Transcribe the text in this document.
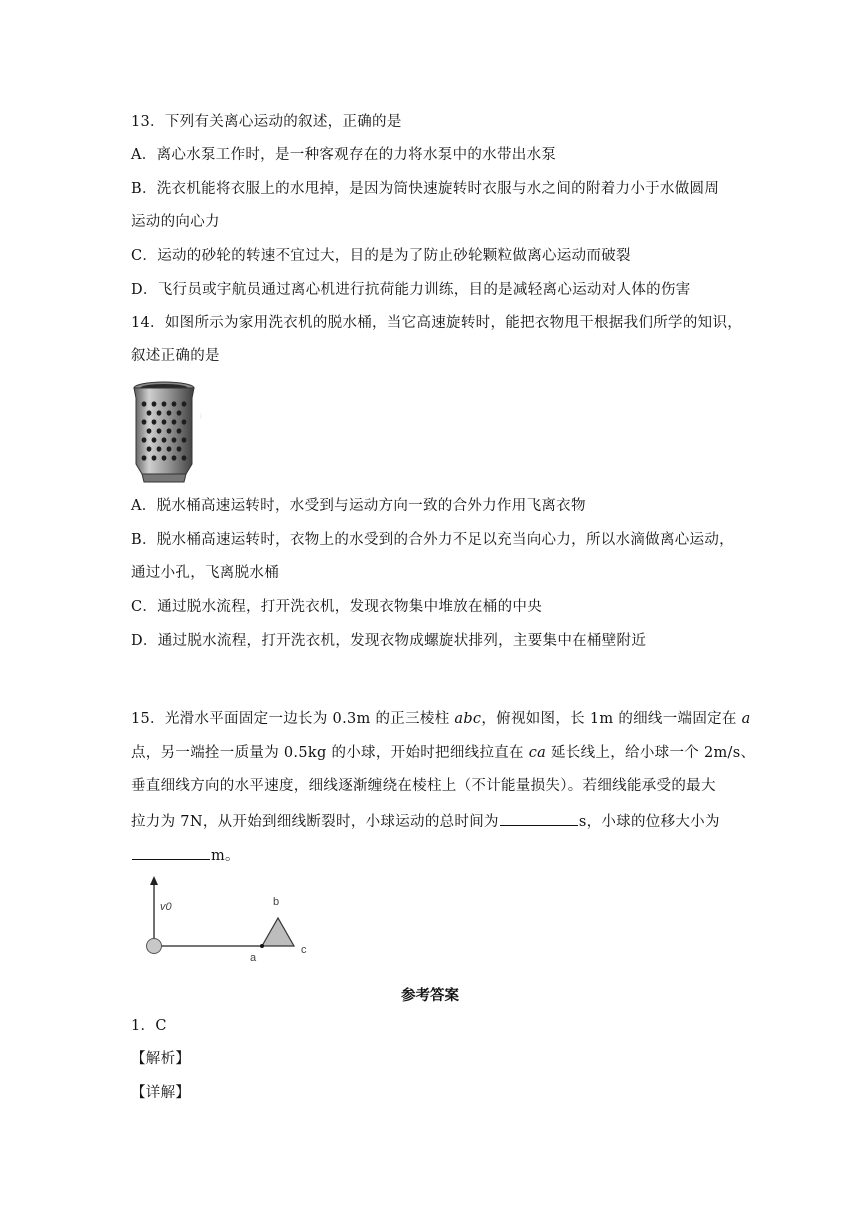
13．下列有关离心运动的叙述，正确的是
A．离心水泵工作时，是一种客观存在的力将水泵中的水带出水泵
B．洗衣机能将衣服上的水甩掉，是因为筒快速旋转时衣服与水之间的附着力小于水做圆周
运动的向心力
C．运动的砂轮的转速不宜过大，目的是为了防止砂轮颗粒做离心运动而破裂
D．飞行员或宇航员通过离心机进行抗荷能力训练，目的是减轻离心运动对人体的伤害
14．如图所示为家用洗衣机的脱水桶，当它高速旋转时，能把衣物甩干根据我们所学的知识，
叙述正确的是
⋮
A．脱水桶高速运转时，水受到与运动方向一致的合外力作用飞离衣物
B．脱水桶高速运转时，衣物上的水受到的合外力不足以充当向心力，所以水滴做离心运动，
通过小孔，飞离脱水桶
C．通过脱水流程，打开洗衣机，发现衣物集中堆放在桶的中央
D．通过脱水流程，打开洗衣机，发现衣物成螺旋状排列，主要集中在桶壁附近
15．光滑水平面固定一边长为 0.3m 的正三棱柱 abc，俯视如图，长 1m 的细线一端固定在 a
点，另一端拴一质量为 0.5kg 的小球，开始时把细线拉直在 ca 延长线上，给小球一个 2m/s、
垂直细线方向的水平速度，细线逐渐缠绕在棱柱上（不计能量损失）。若细线能承受的最大
拉力为 7N，从开始到细线断裂时，小球运动的总时间为	s，小球的位移大小为
m。
v0	b
a
c
参考答案
1．C
【解析】
【详解】
